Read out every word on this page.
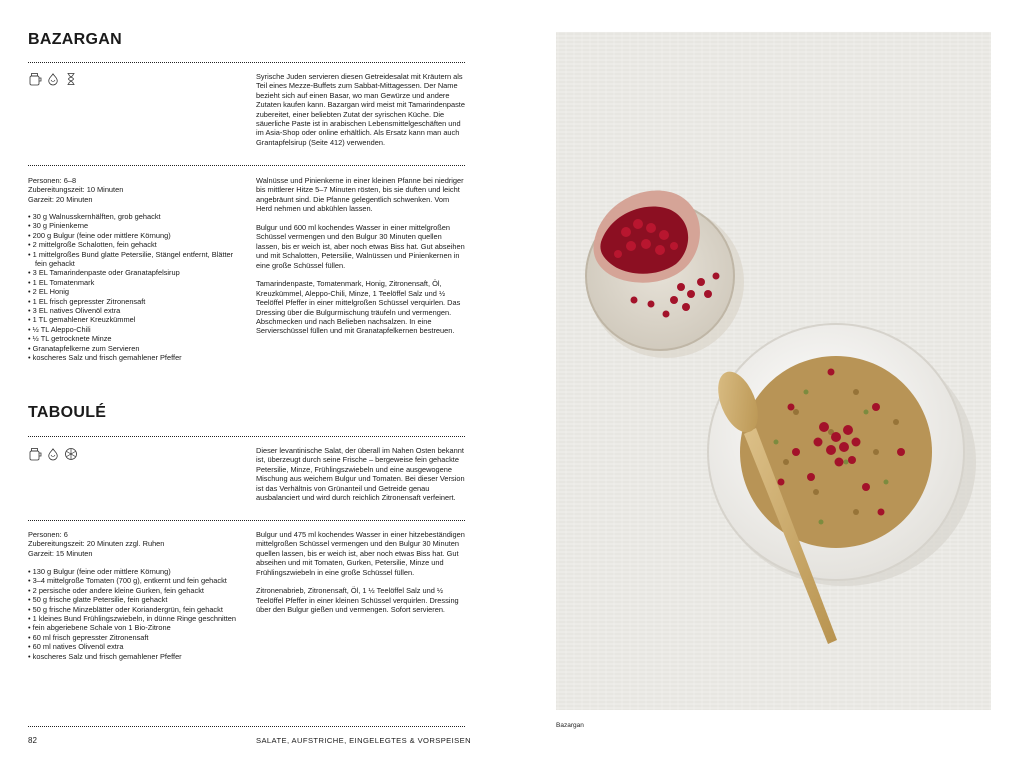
BAZARGAN

Syrische Juden servieren diesen Getreidesalat mit Kräutern als Teil eines Mezze-Buffets zum Sabbat-Mittagessen. Der Name bezieht sich auf einen Basar, wo man Gewürze und andere Zutaten kaufen kann. Bazargan wird meist mit Tamarindenpaste zubereitet, einer beliebten Zutat der syrischen Küche. Die säuerliche Paste ist in arabischen Lebensmittelgeschäften und im Asia-Shop oder online erhältlich. Als Ersatz kann man auch Grantapfelsirup (Seite 412) verwenden.

Personen: 6–8
Zubereitungszeit: 10 Minuten
Garzeit: 20 Minuten
• 30 g Walnusskernhälften, grob gehackt
• 30 g Pinienkerne
• 200 g Bulgur (feine oder mittlere Körnung)
• 2 mittelgroße Schalotten, fein gehackt
• 1 mittelgroßes Bund glatte Petersilie, Stängel entfernt, Blätter fein gehackt
• 3 EL Tamarindenpaste oder Granatapfelsirup
• 1 EL Tomatenmark
• 2 EL Honig
• 1 EL frisch gepresster Zitronensaft
• 3 EL natives Olivenöl extra
• 1 TL gemahlener Kreuzkümmel
• ½ TL Aleppo-Chili
• ½ TL getrocknete Minze
• Granatapfelkerne zum Servieren
• koscheres Salz und frisch gemahlener Pfeffer

Walnüsse und Pinienkerne in einer kleinen Pfanne bei niedriger bis mittlerer Hitze 5–7 Minuten rösten, bis sie duften und leicht angebräunt sind. Die Pfanne gelegentlich schwenken. Vom Herd nehmen und abkühlen lassen.

Bulgur und 600 ml kochendes Wasser in einer mittelgroßen Schüssel vermengen und den Bulgur 30 Minuten quellen lassen, bis er weich ist, aber noch etwas Biss hat. Gut abseihen und mit Schalotten, Petersilie, Walnüssen und Pinienkernen in eine große Schüssel füllen.

Tamarindenpaste, Tomatenmark, Honig, Zitronensaft, Öl, Kreuzkümmel, Aleppo-Chili, Minze, 1 Teelöffel Salz und ½ Teelöffel Pfeffer in einer mittelgroßen Schüssel verquirlen. Das Dressing über die Bulgurmischung träufeln und vermengen. Abschmecken und nach Belieben nachsalzen. In eine Servierschüssel füllen und mit Granatapfelkernen bestreuen.

TABOULÉ

Dieser levantinische Salat, der überall im Nahen Osten bekannt ist, überzeugt durch seine Frische – bergeweise fein gehackte Petersilie, Minze, Frühlingszwiebeln und eine ausgewogene Mischung aus weichem Bulgur und Tomaten. Bei dieser Version ist das Verhältnis von Grünanteil und Getreide genau ausbalanciert und wird durch reichlich Zitronensaft verfeinert.

Personen: 6
Zubereitungszeit: 20 Minuten zzgl. Ruhen
Garzeit: 15 Minuten
• 130 g Bulgur (feine oder mittlere Körnung)
• 3–4 mittelgroße Tomaten (700 g), entkernt und fein gehackt
• 2 persische oder andere kleine Gurken, fein gehackt
• 50 g frische glatte Petersilie, fein gehackt
• 50 g frische Minzeblätter oder Koriandergrün, fein gehackt
• 1 kleines Bund Frühlingszwiebeln, in dünne Ringe geschnitten
• fein abgeriebene Schale von 1 Bio-Zitrone
• 60 ml frisch gepresster Zitronensaft
• 60 ml natives Olivenöl extra
• koscheres Salz und frisch gemahlener Pfeffer

Bulgur und 475 ml kochendes Wasser in einer hitzebeständigen mittelgroßen Schüssel vermengen und den Bulgur 30 Minuten quellen lassen, bis er weich ist, aber noch etwas Biss hat. Gut abseihen und mit Tomaten, Gurken, Petersilie, Minze und Frühlingszwiebeln in eine große Schüssel füllen.

Zitronenabrieb, Zitronensaft, Öl, 1 ½ Teelöffel Salz und ½ Teelöffel Pfeffer in einer kleinen Schüssel verquirlen. Dressing über den Bulgur gießen und vermengen. Sofort servieren.

82	SALATE, AUFSTRICHE, EINGELEGTES & VORSPEISEN
Bazargan
